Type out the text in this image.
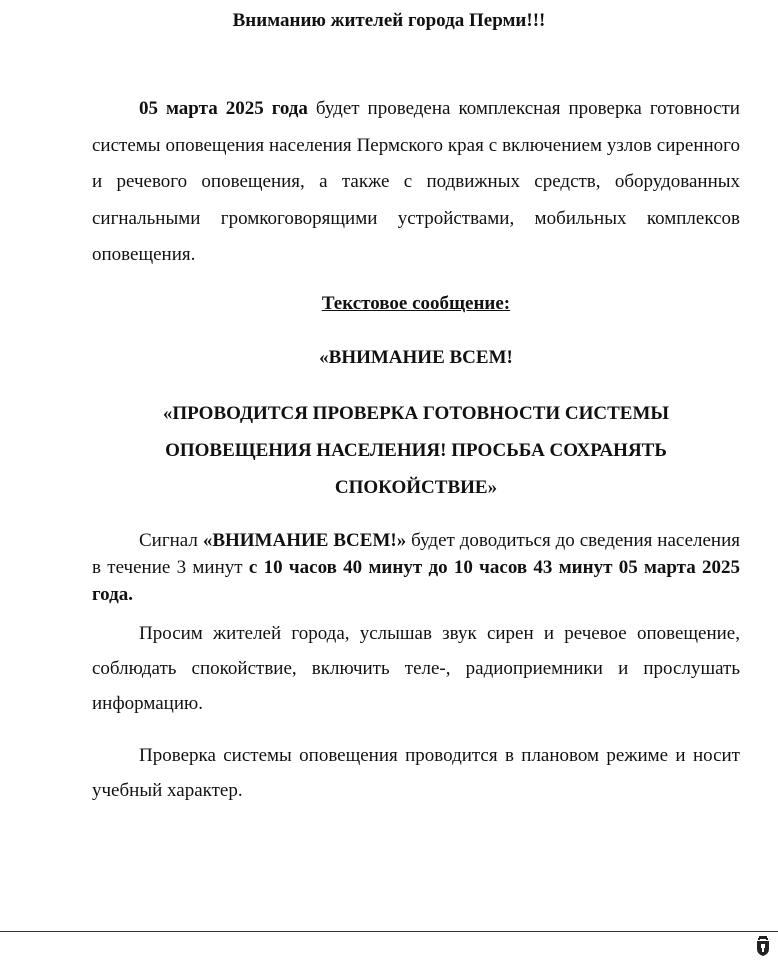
Вниманию жителей города Перми!!!

05 марта 2025 года будет проведена комплексная проверка готовности системы оповещения населения Пермского края с включением узлов сиренного и речевого оповещения, а также с подвижных средств, оборудованных сигнальными громкоговорящими устройствами, мобильных комплексов оповещения.

Текстовое сообщение:

«ВНИМАНИЕ ВСЕМ!

«ПРОВОДИТСЯ ПРОВЕРКА ГОТОВНОСТИ СИСТЕМЫ ОПОВЕЩЕНИЯ НАСЕЛЕНИЯ! ПРОСЬБА СОХРАНЯТЬ СПОКОЙСТВИЕ»

Сигнал «ВНИМАНИЕ ВСЕМ!» будет доводиться до сведения населения в течение 3 минут с 10 часов 40 минут до 10 часов 43 минут 05 марта 2025 года.

Просим жителей города, услышав звук сирен и речевое оповещение, соблюдать спокойствие, включить теле-, радиоприемники и прослушать информацию.

Проверка системы оповещения проводится в плановом режиме и носит учебный характер.
